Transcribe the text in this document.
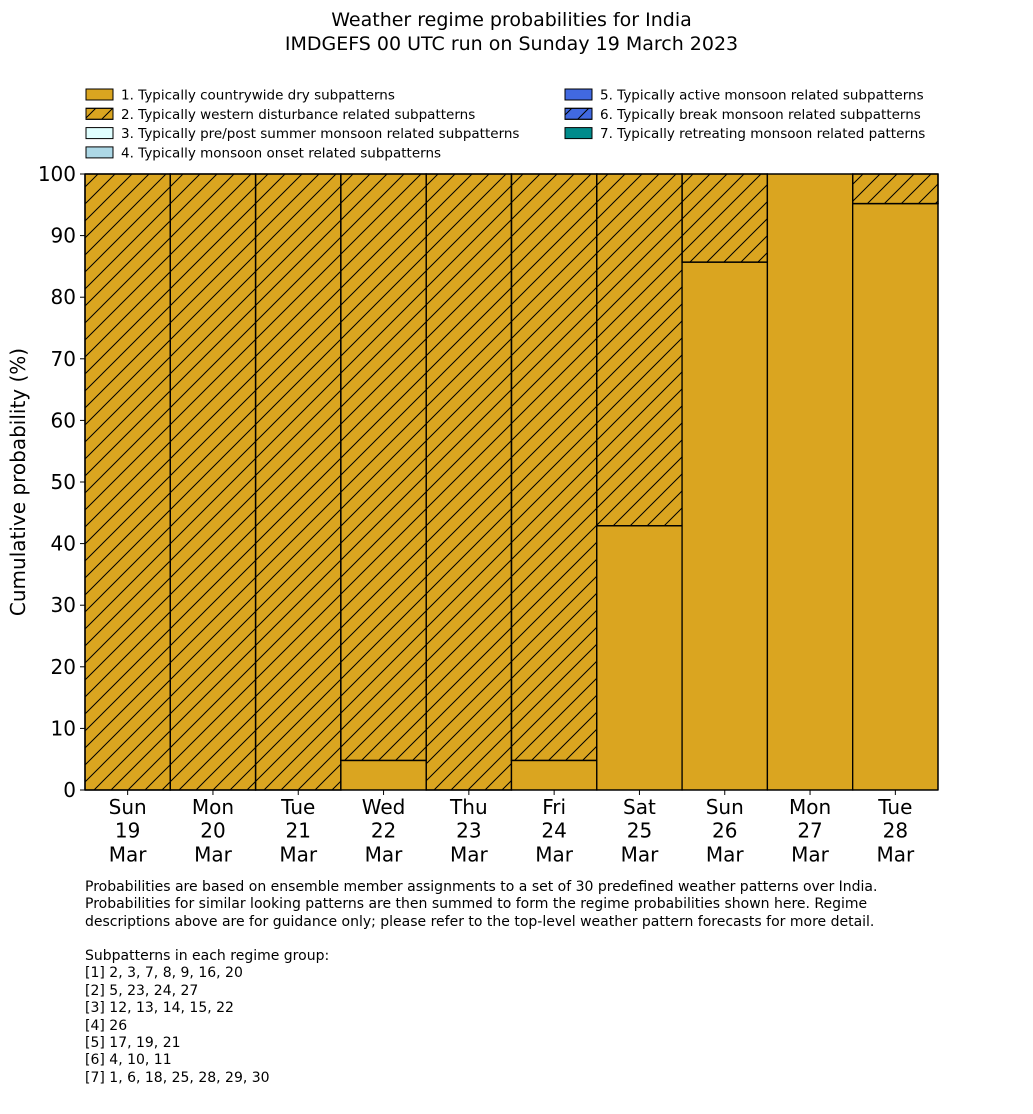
Weather regime probabilities for India
IMDGEFS 00 UTC run on Sunday 19 March 2023
1. Typically countrywide dry subpatterns
2. Typically western disturbance related subpatterns
3. Typically pre/post summer monsoon related subpatterns
4. Typically monsoon onset related subpatterns
5. Typically active monsoon related subpatterns
6. Typically break monsoon related subpatterns
7. Typically retreating monsoon related patterns
0
10
20
30
40
50
60
70
80
90
100
Sun
19
Mar
Mon
20
Mar
Tue
21
Mar
Wed
22
Mar
Thu
23
Mar
Fri
24
Mar
Sat
25
Mar
Sun
26
Mar
Mon
27
Mar
Tue
28
Mar
Cumulative probability (%)
Probabilities are based on ensemble member assignments to a set of 30 predefined weather patterns over India.
Probabilities for similar looking patterns are then summed to form the regime probabilities shown here. Regime
descriptions above are for guidance only; please refer to the top-level weather pattern forecasts for more detail.
Subpatterns in each regime group:
[1] 2, 3, 7, 8, 9, 16, 20
[2] 5, 23, 24, 27
[3] 12, 13, 14, 15, 22
[4] 26
[5] 17, 19, 21
[6] 4, 10, 11
[7] 1, 6, 18, 25, 28, 29, 30
